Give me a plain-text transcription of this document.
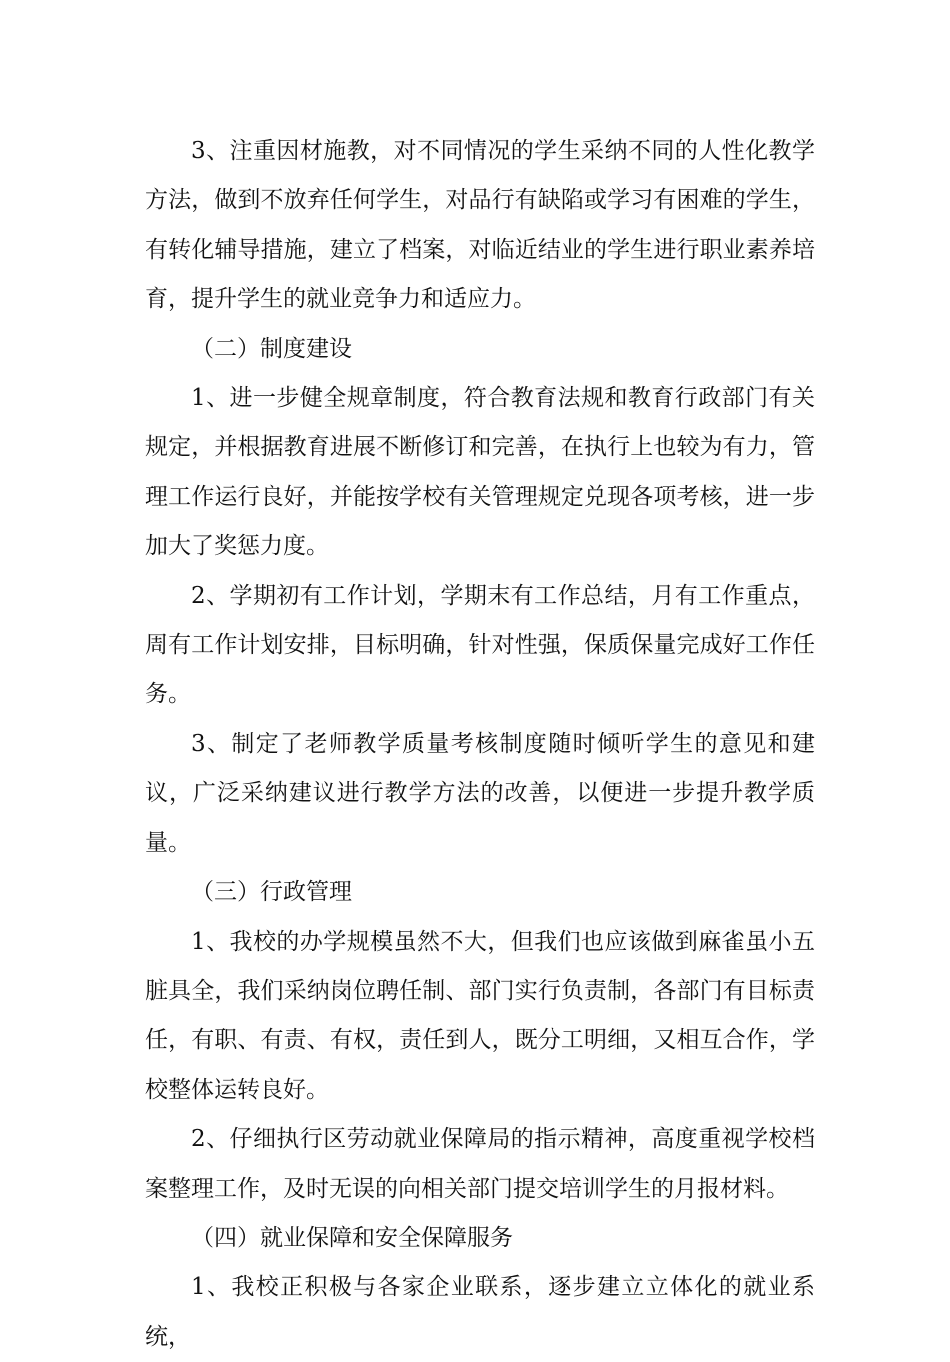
3、注重因材施教，对不同情况的学生采纳不同的人性化教学方法，做到不放弃任何学生，对品行有缺陷或学习有困难的学生，有转化辅导措施，建立了档案，对临近结业的学生进行职业素养培育，提升学生的就业竞争力和适应力。

（二）制度建设

1、进一步健全规章制度，符合教育法规和教育行政部门有关规定，并根据教育进展不断修订和完善，在执行上也较为有力，管理工作运行良好，并能按学校有关管理规定兑现各项考核，进一步加大了奖惩力度。

2、学期初有工作计划，学期末有工作总结，月有工作重点，周有工作计划安排，目标明确，针对性强，保质保量完成好工作任务。

3、制定了老师教学质量考核制度随时倾听学生的意见和建议，广泛采纳建议进行教学方法的改善，以便进一步提升教学质量。

（三）行政管理

1、我校的办学规模虽然不大，但我们也应该做到麻雀虽小五脏具全，我们采纳岗位聘任制、部门实行负责制，各部门有目标责任，有职、有责、有权，责任到人，既分工明细，又相互合作，学校整体运转良好。

2、仔细执行区劳动就业保障局的指示精神，高度重视学校档案整理工作，及时无误的向相关部门提交培训学生的月报材料。

（四）就业保障和安全保障服务

1、我校正积极与各家企业联系，逐步建立立体化的就业系统，
